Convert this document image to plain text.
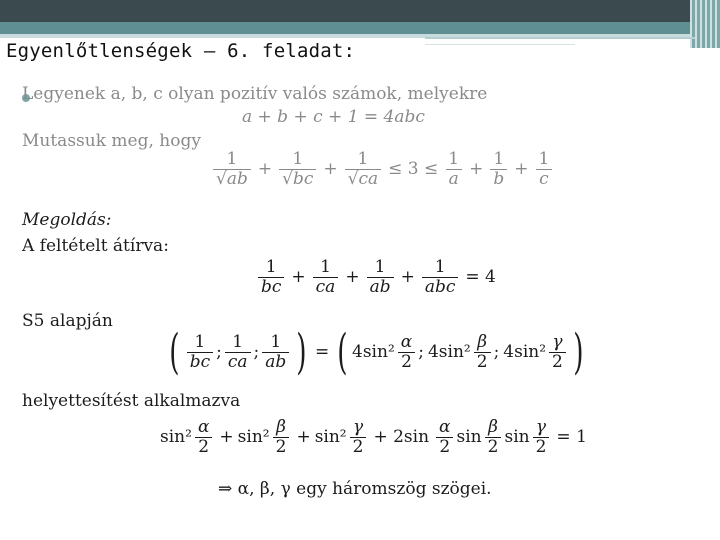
Egyenlőtlenségek – 6. feladat:
Legyenek a, b, c olyan pozitív valós számok, melyekre
a + b + c + 1 = 4abc
Mutassuk meg, hogy
$\frac{1}{√ab} + \frac{1}{√bc} + \frac{1}{√ca} \le 3 \le \frac{1}{a} + \frac{1}{b} + \frac{1}{c}$
Megoldás:
A feltételt átírva:
$\frac{1}{bc} + \frac{1}{ca} + \frac{1}{ab} + \frac{1}{\text{abc}} = 4$
S5 alapján
( $\frac{1}{bc}$ ; $\frac{1}{ca}$ ; $\frac{1}{ab}$ ) = ( $4\sin^2 \frac{\alpha}{2}$ ; $4\sin^2 \frac{\beta}{2}$ ; $4\sin^2 \frac{\gamma}{2}$ )
helyettesítést alkalmazva
$\sin^2 \frac{\alpha}{2} + \sin^2 \frac{\beta}{2} + \sin^2 \frac{\gamma}{2} + 2\sin \frac{\alpha}{2}$ $\sin \frac{\beta}{2}$ $\sin \frac{\gamma}{2} = 1$
⇒ α, β, γ egy háromszög szögei.
